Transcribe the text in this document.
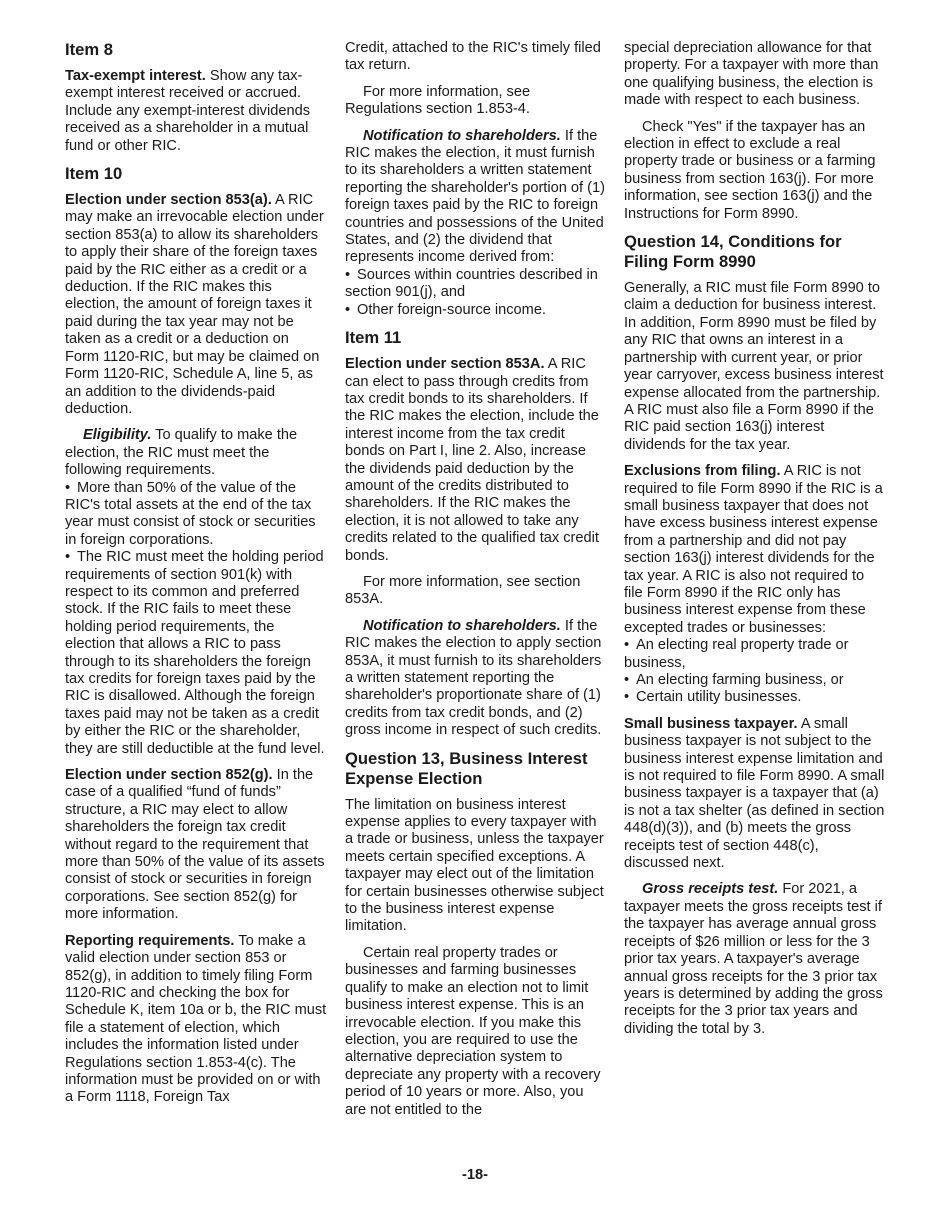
Item 8

Tax-exempt interest. Show any tax-exempt interest received or accrued. Include any exempt-interest dividends received as a shareholder in a mutual fund or other RIC.

Item 10

Election under section 853(a). A RIC may make an irrevocable election under section 853(a) to allow its shareholders to apply their share of the foreign taxes paid by the RIC either as a credit or a deduction. If the RIC makes this election, the amount of foreign taxes it paid during the tax year may not be taken as a credit or a deduction on Form 1120-RIC, but may be claimed on Form 1120-RIC, Schedule A, line 5, as an addition to the dividends-paid deduction.

Eligibility. To qualify to make the election, the RIC must meet the following requirements.

• More than 50% of the value of the RIC's total assets at the end of the tax year must consist of stock or securities in foreign corporations.
• The RIC must meet the holding period requirements of section 901(k) with respect to its common and preferred stock. If the RIC fails to meet these holding period requirements, the election that allows a RIC to pass through to its shareholders the foreign tax credits for foreign taxes paid by the RIC is disallowed. Although the foreign taxes paid may not be taken as a credit by either the RIC or the shareholder, they are still deductible at the fund level.

Election under section 852(g). In the case of a qualified “fund of funds” structure, a RIC may elect to allow shareholders the foreign tax credit without regard to the requirement that more than 50% of the value of its assets consist of stock or securities in foreign corporations. See section 852(g) for more information.

Reporting requirements. To make a valid election under section 853 or 852(g), in addition to timely filing Form 1120-RIC and checking the box for Schedule K, item 10a or b, the RIC must file a statement of election, which includes the information listed under Regulations section 1.853-4(c). The information must be provided on or with a Form 1118, Foreign Tax

Credit, attached to the RIC's timely filed tax return.

For more information, see Regulations section 1.853-4.

Notification to shareholders. If the RIC makes the election, it must furnish to its shareholders a written statement reporting the shareholder's portion of (1) foreign taxes paid by the RIC to foreign countries and possessions of the United States, and (2) the dividend that represents income derived from:

• Sources within countries described in section 901(j), and
• Other foreign-source income.
Item 11

Election under section 853A. A RIC can elect to pass through credits from tax credit bonds to its shareholders. If the RIC makes the election, include the interest income from the tax credit bonds on Part I, line 2. Also, increase the dividends paid deduction by the amount of the credits distributed to shareholders. If the RIC makes the election, it is not allowed to take any credits related to the qualified tax credit bonds.

For more information, see section 853A.

Notification to shareholders. If the RIC makes the election to apply section 853A, it must furnish to its shareholders a written statement reporting the shareholder's proportionate share of (1) credits from tax credit bonds, and (2) gross income in respect of such credits.

Question 13, Business Interest Expense Election

The limitation on business interest expense applies to every taxpayer with a trade or business, unless the taxpayer meets certain specified exceptions. A taxpayer may elect out of the limitation for certain businesses otherwise subject to the business interest expense limitation.

Certain real property trades or businesses and farming businesses qualify to make an election not to limit business interest expense. This is an irrevocable election. If you make this election, you are required to use the alternative depreciation system to depreciate any property with a recovery period of 10 years or more. Also, you are not entitled to the

special depreciation allowance for that property. For a taxpayer with more than one qualifying business, the election is made with respect to each business.

Check "Yes" if the taxpayer has an election in effect to exclude a real property trade or business or a farming business from section 163(j). For more information, see section 163(j) and the Instructions for Form 8990.

Question 14, Conditions for Filing Form 8990

Generally, a RIC must file Form 8990 to claim a deduction for business interest. In addition, Form 8990 must be filed by any RIC that owns an interest in a partnership with current year, or prior year carryover, excess business interest expense allocated from the partnership. A RIC must also file a Form 8990 if the RIC paid section 163(j) interest dividends for the tax year.

Exclusions from filing. A RIC is not required to file Form 8990 if the RIC is a small business taxpayer that does not have excess business interest expense from a partnership and did not pay section 163(j) interest dividends for the tax year. A RIC is also not required to file Form 8990 if the RIC only has business interest expense from these excepted trades or businesses:

• An electing real property trade or business,
• An electing farming business, or
• Certain utility businesses.

Small business taxpayer. A small business taxpayer is not subject to the business interest expense limitation and is not required to file Form 8990. A small business taxpayer is a taxpayer that (a) is not a tax shelter (as defined in section 448(d)(3)), and (b) meets the gross receipts test of section 448(c), discussed next.

Gross receipts test. For 2021, a taxpayer meets the gross receipts test if the taxpayer has average annual gross receipts of $26 million or less for the 3 prior tax years. A taxpayer's average annual gross receipts for the 3 prior tax years is determined by adding the gross receipts for the 3 prior tax years and dividing the total by 3.

-18-
